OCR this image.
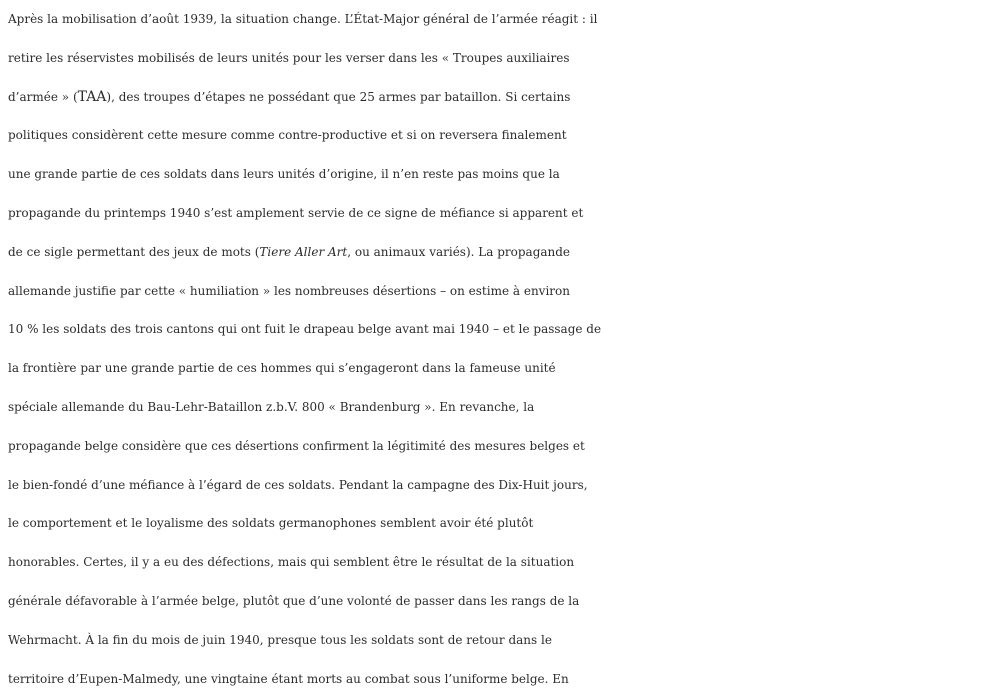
Après la mobilisation d’août 1939, la situation change. L’État-Major général de l’armée réagit : il
retire les réservistes mobilisés de leurs unités pour les verser dans les « Troupes auxiliaires
d’armée » (TAA), des troupes d’étapes ne possédant que 25 armes par bataillon. Si certains
politiques considèrent cette mesure comme contre-productive et si on reversera finalement
une grande partie de ces soldats dans leurs unités d’origine, il n’en reste pas moins que la
propagande du printemps 1940 s’est amplement servie de ce signe de méfiance si apparent et
de ce sigle permettant des jeux de mots (Tiere Aller Art, ou animaux variés). La propagande
allemande justifie par cette « humiliation » les nombreuses désertions – on estime à environ
10 % les soldats des trois cantons qui ont fuit le drapeau belge avant mai 1940 – et le passage de
la frontière par une grande partie de ces hommes qui s’engageront dans la fameuse unité
spéciale allemande du Bau-Lehr-Bataillon z.b.V. 800 « Brandenburg ». En revanche, la
propagande belge considère que ces désertions confirment la légitimité des mesures belges et
le bien-fondé d’une méfiance à l’égard de ces soldats. Pendant la campagne des Dix-Huit jours,
le comportement et le loyalisme des soldats germanophones semblent avoir été plutôt
honorables. Certes, il y a eu des défections, mais qui semblent être le résultat de la situation
générale défavorable à l’armée belge, plutôt que d’une volonté de passer dans les rangs de la
Wehrmacht. À la fin du mois de juin 1940, presque tous les soldats sont de retour dans le
territoire d’Eupen-Malmedy, une vingtaine étant morts au combat sous l’uniforme belge. En
